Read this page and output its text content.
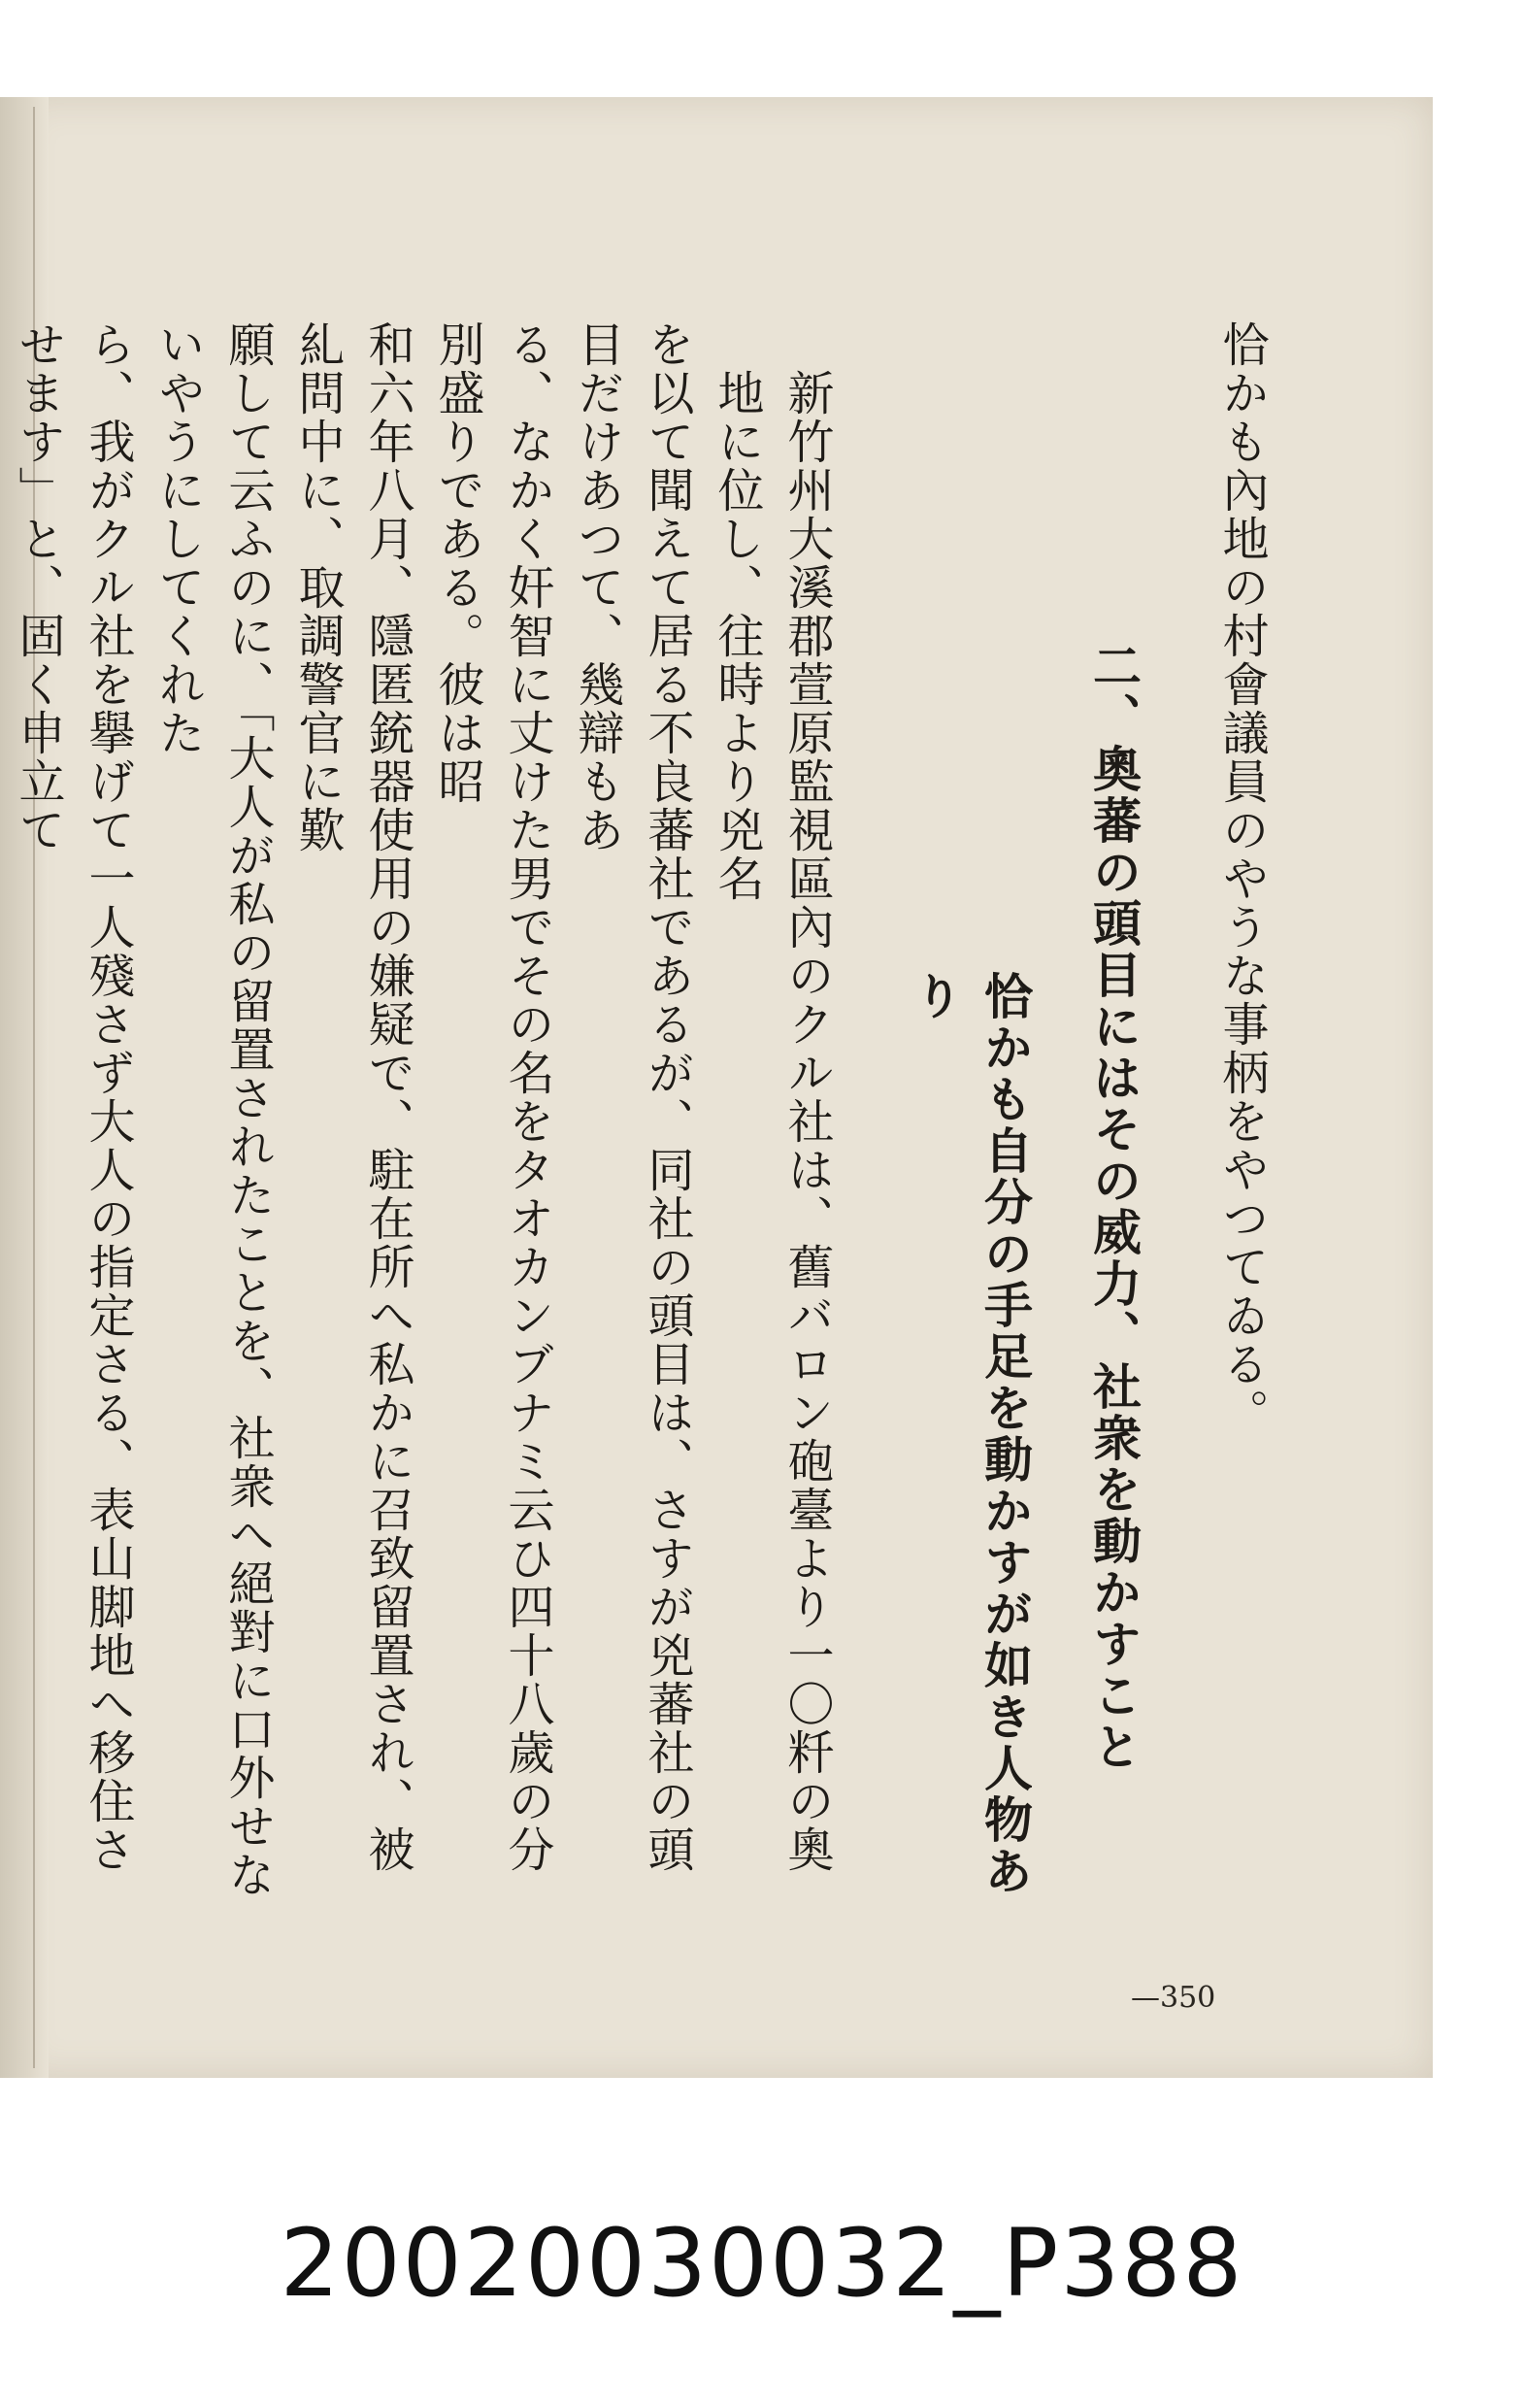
恰かも內地の村會議員のやうな事柄をやつてゐる。

二、奧蕃の頭目にはその威力、社衆を動かすこと

恰かも自分の手足を動かすが如き人物あり

新竹州大溪郡萱原監視區內のクル社は、舊バロン砲臺より一〇粁の奧地に位し、往時より兇名

を以て聞えて居る不良蕃社であるが、同社の頭目は、さすが兇蕃社の頭目だけあつて、幾辯もあ

る、なかく奸智に丈けた男でその名をタオカンブナミ云ひ四十八歲の分別盛りである。彼は昭

和六年八月、隱匿銃器使用の嫌疑で、駐在所へ私かに召致留置され、被糺問中に、取調警官に歎

願して云ふのに、「大人が私の留置されたことを、社衆へ絕對に口外せないやうにしてくれた

ら、我がクル社を擧げて一人殘さず大人の指定さる、表山脚地へ移住させます」と、固く申立て

—350
20020030032_P388
